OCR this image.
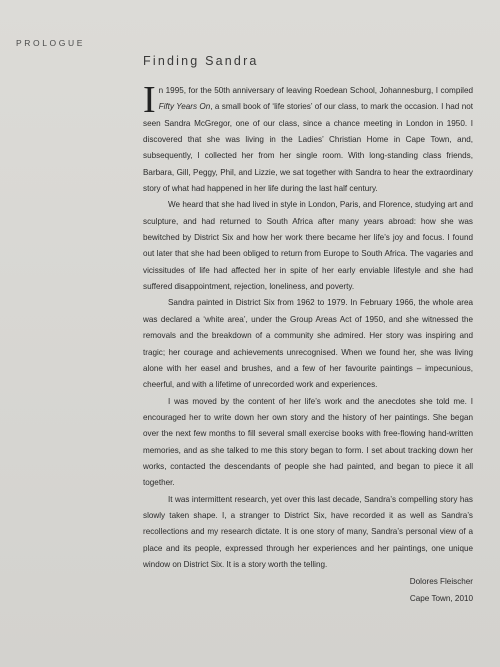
PROLOGUE
Finding Sandra

In 1995, for the 50th anniversary of leaving Roedean School, Johannesburg, I compiled Fifty Years On, a small book of ‘life stories’ of our class, to mark the occasion. I had not seen Sandra McGregor, one of our class, since a chance meeting in London in 1950. I discovered that she was living in the Ladies’ Christian Home in Cape Town, and, subsequently, I collected her from her single room. With long-standing class friends, Barbara, Gill, Peggy, Phil, and Lizzie, we sat together with Sandra to hear the extraordinary story of what had happened in her life during the last half century.

We heard that she had lived in style in London, Paris, and Florence, studying art and sculpture, and had returned to South Africa after many years abroad: how she was bewitched by District Six and how her work there became her life’s joy and focus. I found out later that she had been obliged to return from Europe to South Africa. The vagaries and vicissitudes of life had affected her in spite of her early enviable lifestyle and she had suffered disappointment, rejection, loneliness, and poverty.

Sandra painted in District Six from 1962 to 1979. In February 1966, the whole area was declared a ‘white area’, under the Group Areas Act of 1950, and she witnessed the removals and the breakdown of a community she admired. Her story was inspiring and tragic; her courage and achievements unrecognised. When we found her, she was living alone with her easel and brushes, and a few of her favourite paintings – impecunious, cheerful, and with a lifetime of unrecorded work and experiences.

I was moved by the content of her life’s work and the anecdotes she told me. I encouraged her to write down her own story and the history of her paintings. She began over the next few months to fill several small exercise books with free-flowing hand-written memories, and as she talked to me this story began to form. I set about tracking down her works, contacted the descendants of people she had painted, and began to piece it all together.

It was intermittent research, yet over this last decade, Sandra’s compelling story has slowly taken shape. I, a stranger to District Six, have recorded it as well as Sandra’s recollections and my research dictate. It is one story of many, Sandra’s personal view of a place and its people, expressed through her experiences and her paintings, one unique window on District Six. It is a story worth the telling.

Dolores Fleischer
Cape Town, 2010
